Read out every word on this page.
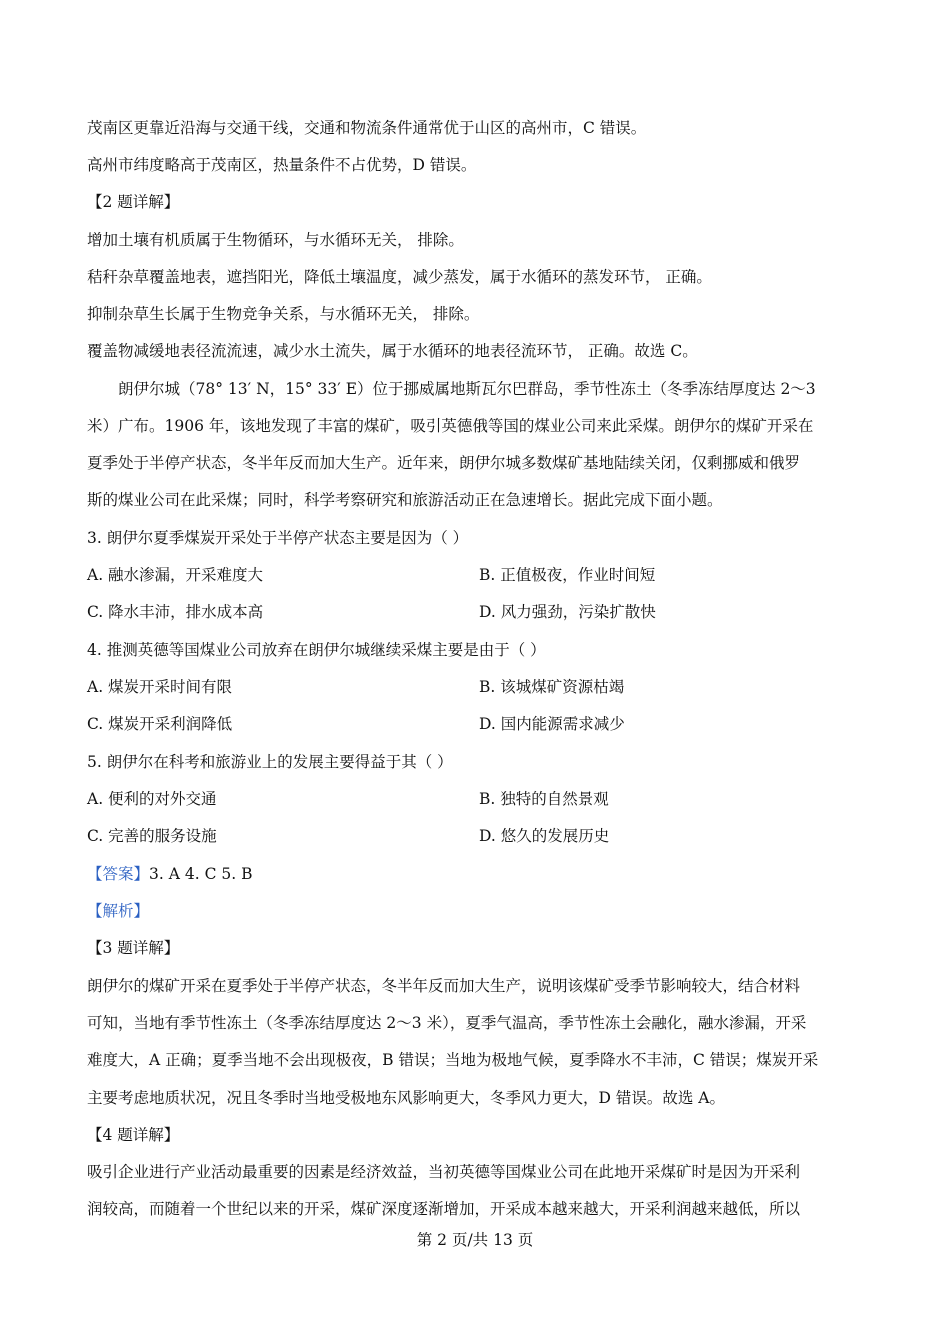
茂南区更靠近沿海与交通干线，交通和物流条件通常优于山区的高州市，C 错误。
高州市纬度略高于茂南区，热量条件不占优势，D 错误。
【2 题详解】
增加土壤有机质属于生物循环，与水循环无关， 排除。
秸秆杂草覆盖地表，遮挡阳光，降低土壤温度，减少蒸发，属于水循环的蒸发环节， 正确。
抑制杂草生长属于生物竞争关系，与水循环无关， 排除。
覆盖物减缓地表径流流速，减少水土流失，属于水循环的地表径流环节， 正确。故选 C。
朗伊尔城（78° 13′ N，15° 33′ E）位于挪威属地斯瓦尔巴群岛，季节性冻土（冬季冻结厚度达 2～3
米）广布。1906 年，该地发现了丰富的煤矿，吸引英德俄等国的煤业公司来此采煤。朗伊尔的煤矿开采在
夏季处于半停产状态，冬半年反而加大生产。近年来，朗伊尔城多数煤矿基地陆续关闭，仅剩挪威和俄罗
斯的煤业公司在此采煤；同时，科学考察研究和旅游活动正在急速增长。据此完成下面小题。
3. 朗伊尔夏季煤炭开采处于半停产状态主要是因为（ ）
A. 融水渗漏，开采难度大	B. 正值极夜，作业时间短
C. 降水丰沛，排水成本高	D. 风力强劲，污染扩散快
4. 推测英德等国煤业公司放弃在朗伊尔城继续采煤主要是由于（ ）
A. 煤炭开采时间有限	B. 该城煤矿资源枯竭
C. 煤炭开采利润降低	D. 国内能源需求减少
5. 朗伊尔在科考和旅游业上的发展主要得益于其（ ）
A. 便利的对外交通	B. 独特的自然景观
C. 完善的服务设施	D. 悠久的发展历史
【答案】3. A 4. C 5. B
【解析】
【3 题详解】
朗伊尔的煤矿开采在夏季处于半停产状态，冬半年反而加大生产，说明该煤矿受季节影响较大，结合材料
可知，当地有季节性冻土（冬季冻结厚度达 2～3 米），夏季气温高，季节性冻土会融化，融水渗漏，开采
难度大，A 正确；夏季当地不会出现极夜，B 错误；当地为极地气候，夏季降水不丰沛，C 错误；煤炭开采
主要考虑地质状况，况且冬季时当地受极地东风影响更大，冬季风力更大，D 错误。故选 A。
【4 题详解】
吸引企业进行产业活动最重要的因素是经济效益，当初英德等国煤业公司在此地开采煤矿时是因为开采利
润较高，而随着一个世纪以来的开采，煤矿深度逐渐增加，开采成本越来越大，开采利润越来越低，所以
第 2 页/共 13 页
